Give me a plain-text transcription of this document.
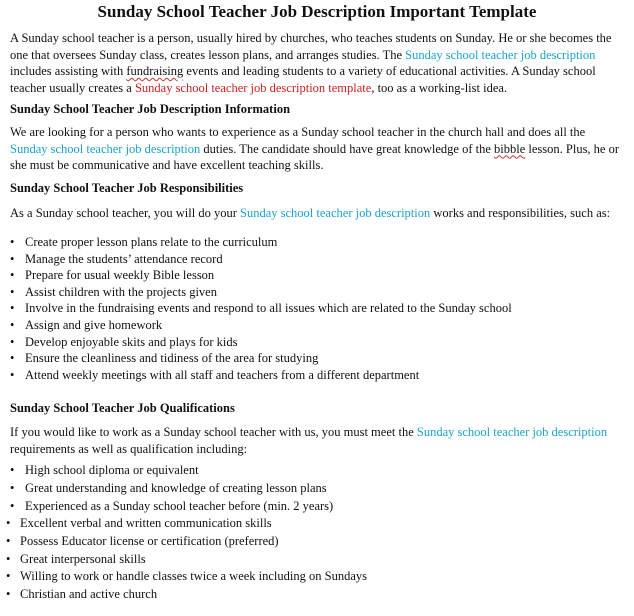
Sunday School Teacher Job Description Important Template
A Sunday school teacher is a person, usually hired by churches, who teaches students on Sunday. He or she becomes the one that oversees Sunday class, creates lesson plans, and arranges studies. The Sunday school teacher job description includes assisting with fundraising events and leading students to a variety of educational activities. A Sunday school teacher usually creates a Sunday school teacher job description template, too as a working-list idea.
Sunday School Teacher Job Description Information
We are looking for a person who wants to experience as a Sunday school teacher in the church hall and does all the Sunday school teacher job description duties. The candidate should have great knowledge of the bibble lesson. Plus, he or she must be communicative and have excellent teaching skills.
Sunday School Teacher Job Responsibilities
As a Sunday school teacher, you will do your Sunday school teacher job description works and responsibilities, such as:
• Create proper lesson plans relate to the curriculum
• Manage the students’ attendance record
• Prepare for usual weekly Bible lesson
• Assist children with the projects given
• Involve in the fundraising events and respond to all issues which are related to the Sunday school
• Assign and give homework
• Develop enjoyable skits and plays for kids
• Ensure the cleanliness and tidiness of the area for studying
• Attend weekly meetings with all staff and teachers from a different department
Sunday School Teacher Job Qualifications
If you would like to work as a Sunday school teacher with us, you must meet the Sunday school teacher job description requirements as well as qualification including:
• High school diploma or equivalent
• Great understanding and knowledge of creating lesson plans
• Experienced as a Sunday school teacher before (min. 2 years)
• Excellent verbal and written communication skills
• Possess Educator license or certification (preferred)
• Great interpersonal skills
• Willing to work or handle classes twice a week including on Sundays
• Christian and active church
